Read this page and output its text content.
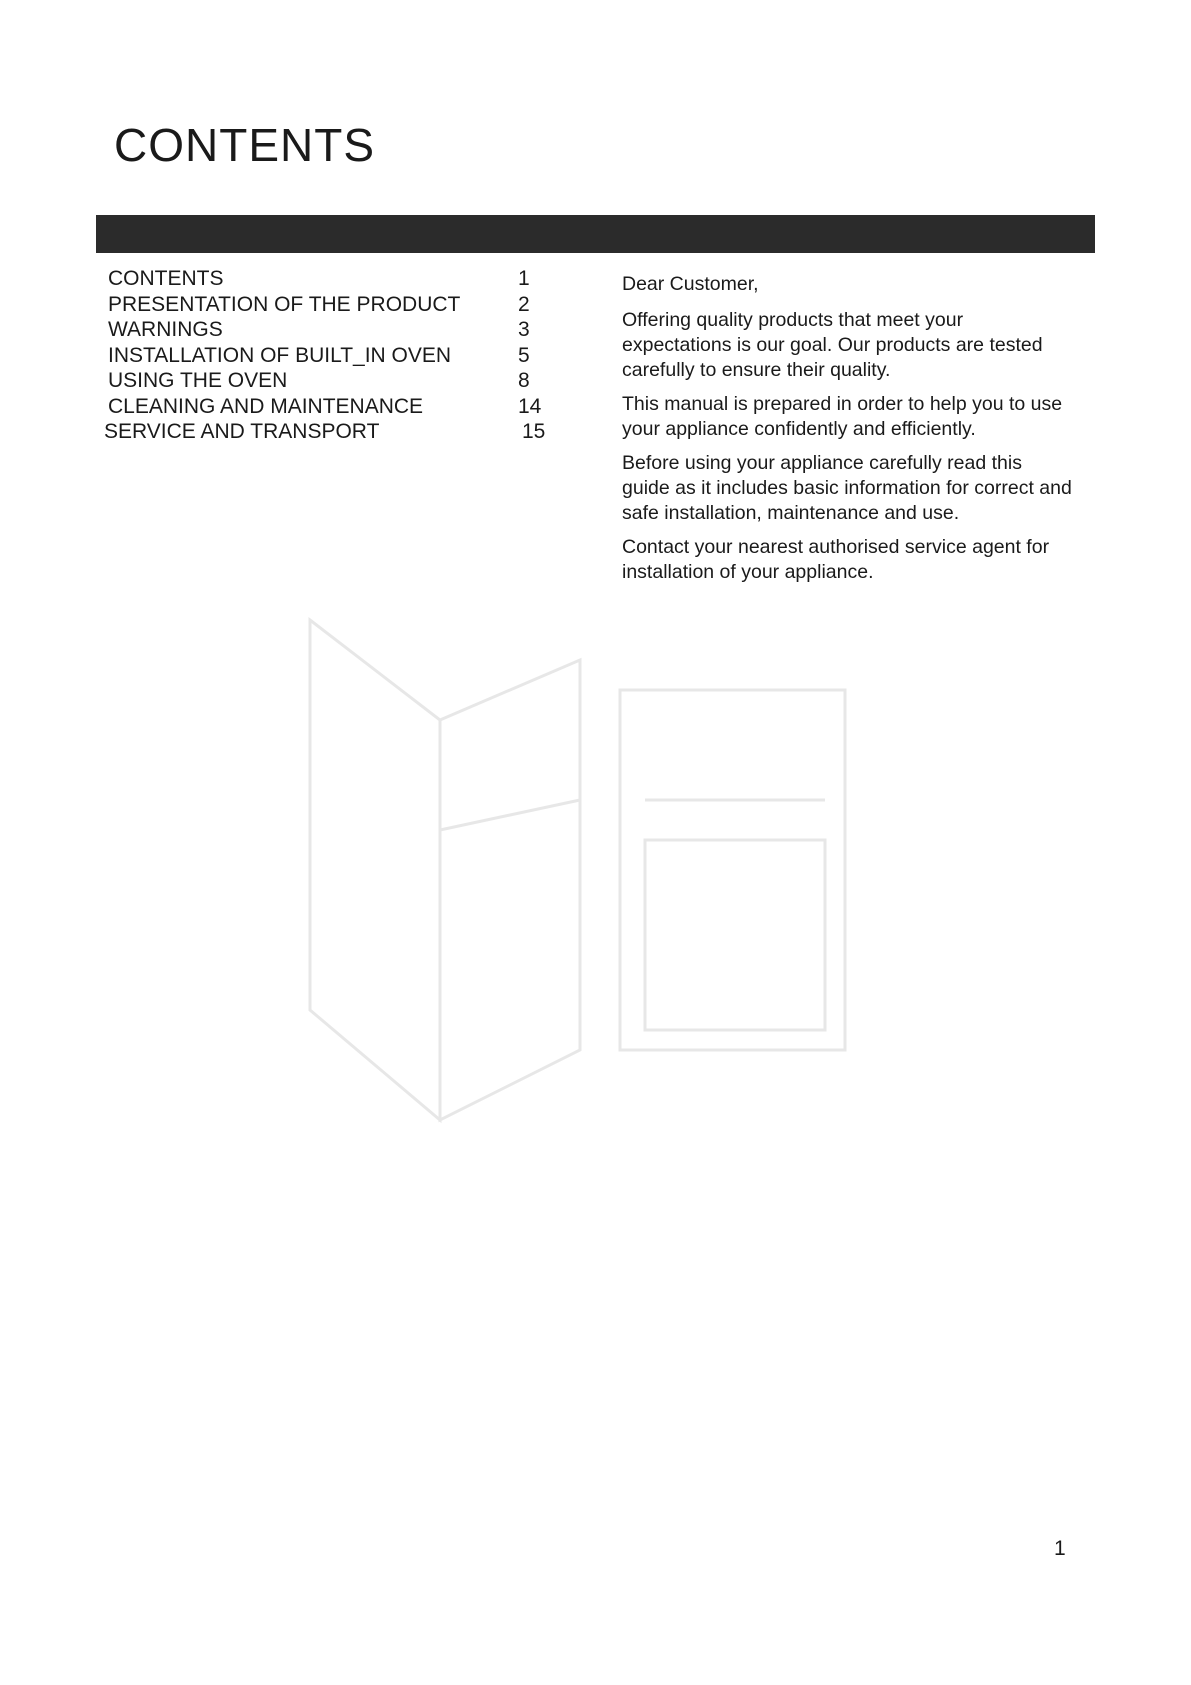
CONTENTS
CONTENTS	1
PRESENTATION OF THE PRODUCT	2
WARNINGS	3
INSTALLATION OF BUILT_IN OVEN	5
USING THE OVEN	8
CLEANING AND MAINTENANCE	14
SERVICE AND TRANSPORT	15

Dear Customer,

Offering quality products that meet your expectations is our goal. Our products are tested carefully to ensure their quality.

This manual is prepared in order to help you to use your appliance confidently and efficiently.

Before using your appliance carefully read this guide as it includes basic information for correct and safe installation, maintenance and use.

Contact your nearest authorised service agent for installation of your appliance.

1
